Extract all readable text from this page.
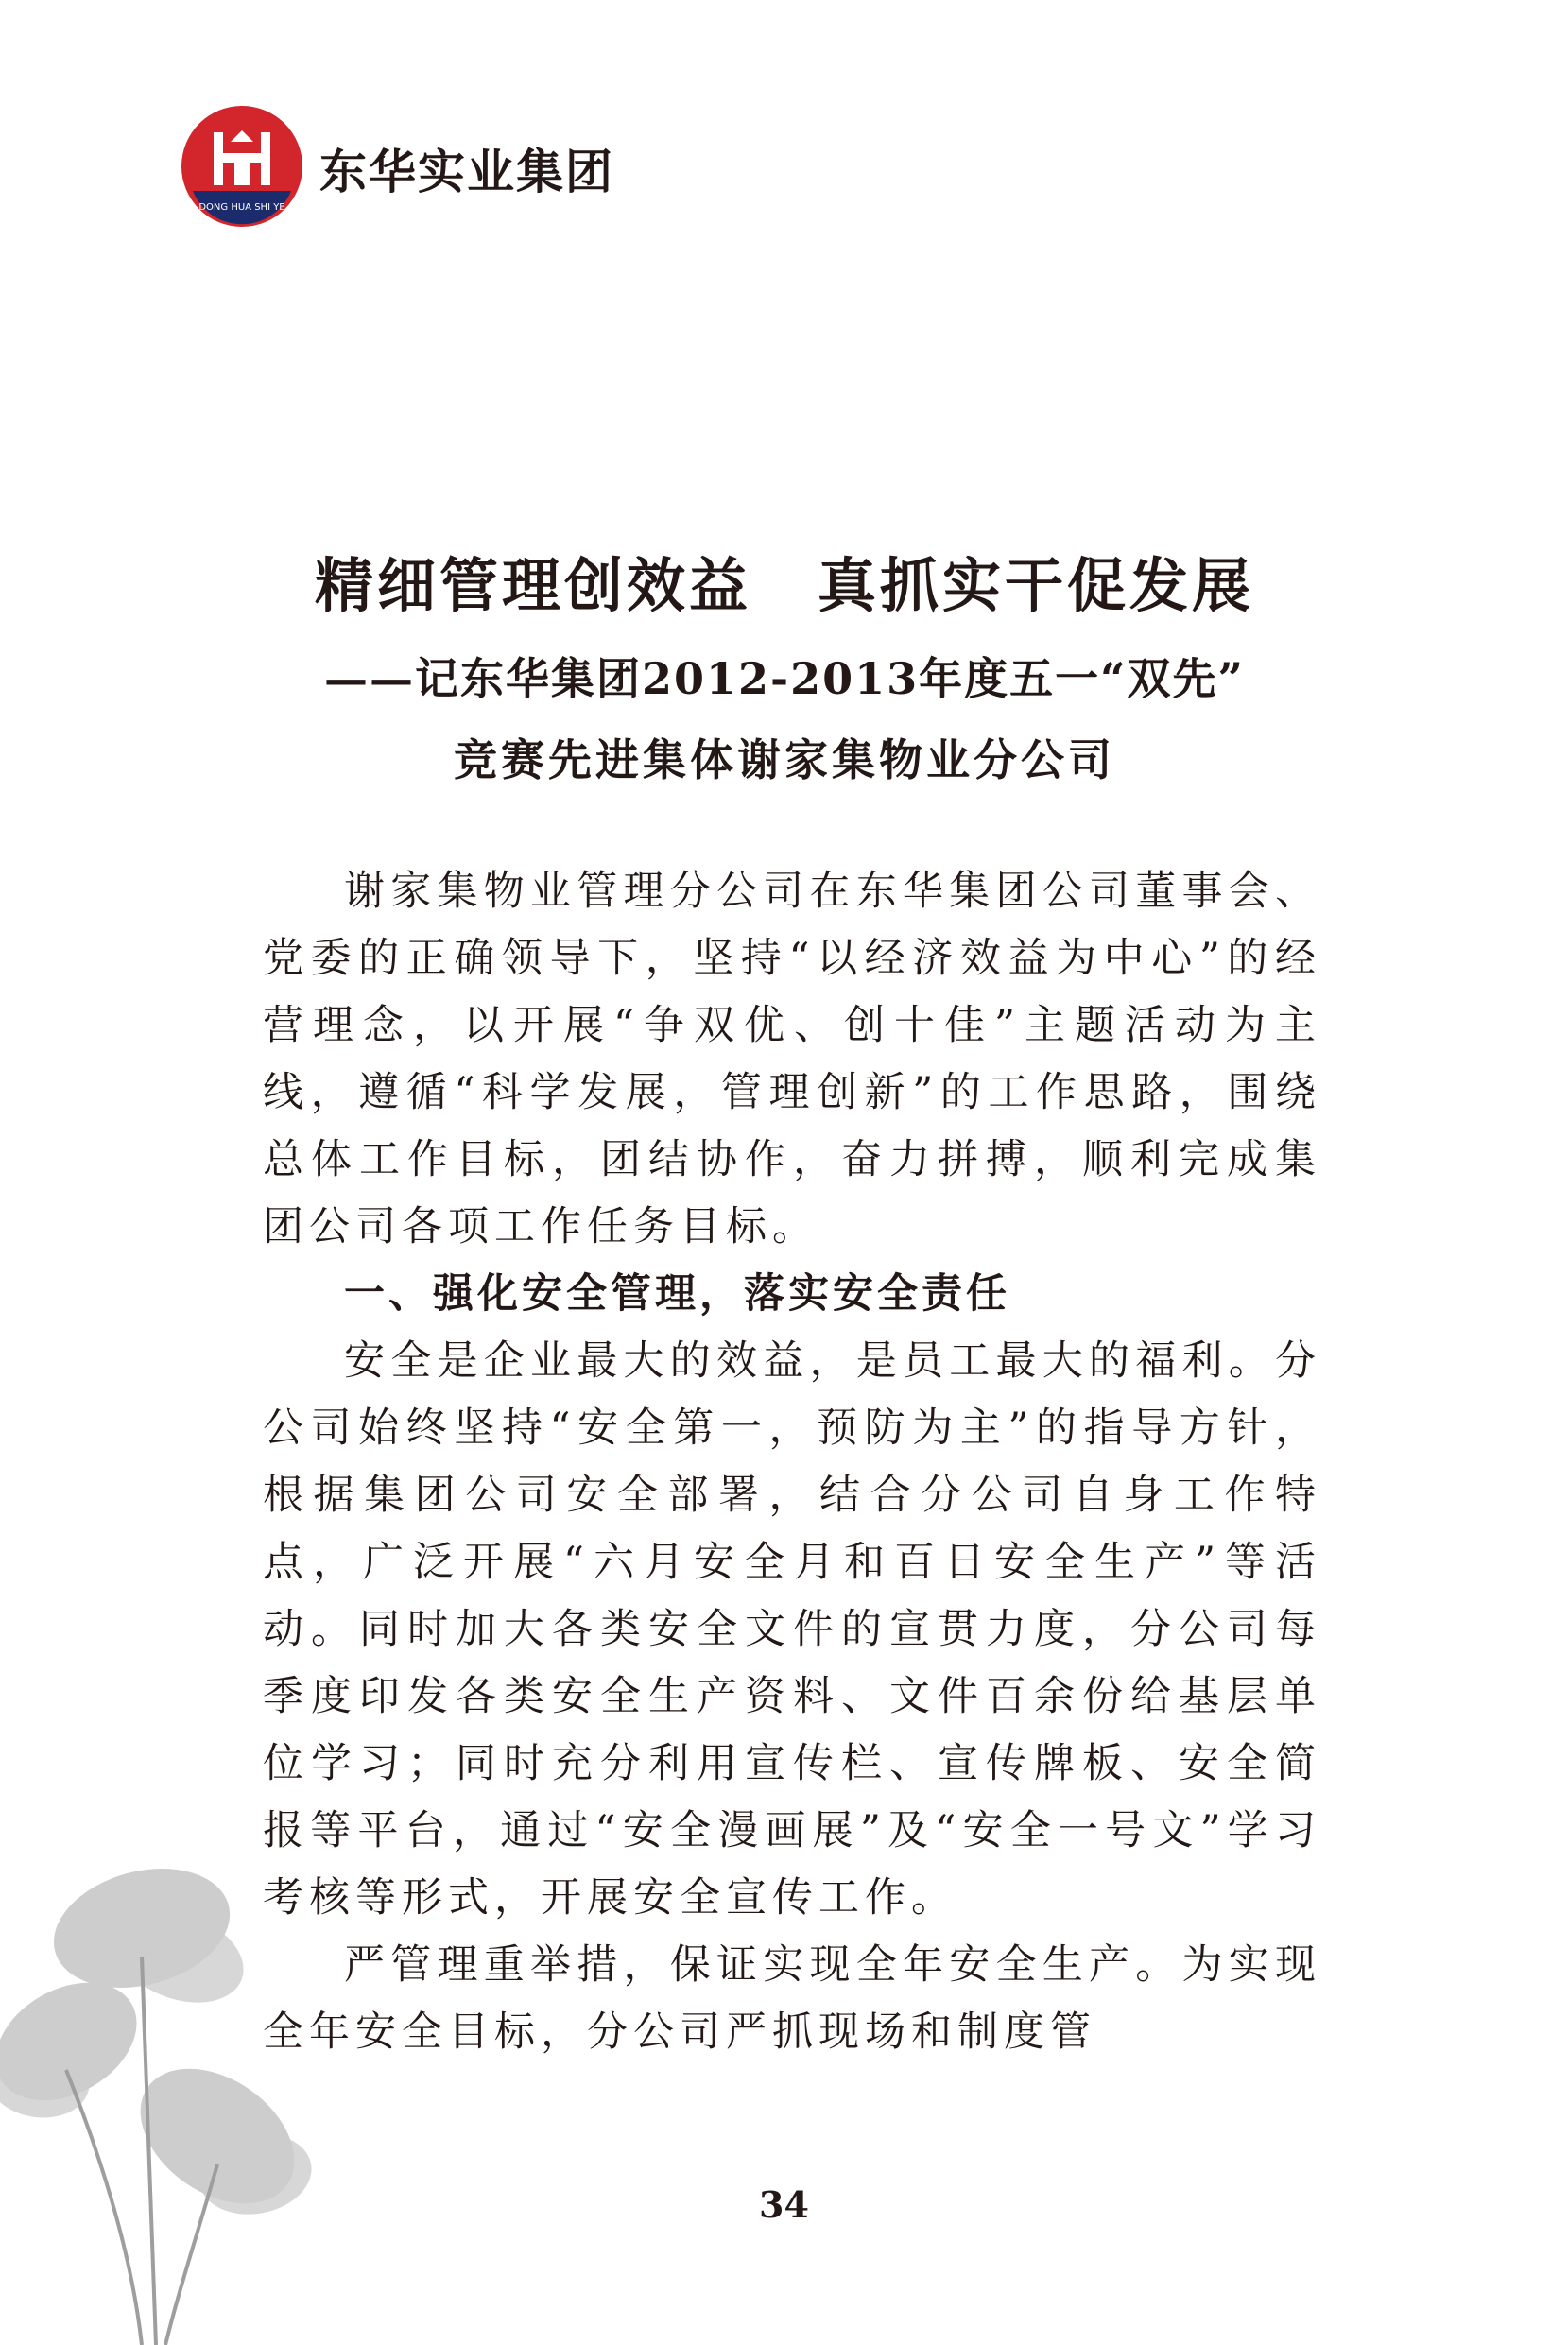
DONG HUA SHI YE
东华实业集团
精细管理创效益 真抓实干促发展
——记东华集团2012-2013年度五一“双先”
竞赛先进集体谢家集物业分公司

谢家集物业管理分公司在东华集团公司董事会、党委的正确领导下，坚持“以经济效益为中心”的经营理念，以开展“争双优、创十佳”主题活动为主线，遵循“科学发展，管理创新”的工作思路，围绕总体工作目标，团结协作，奋力拼搏，顺利完成集团公司各项工作任务目标。

一、强化安全管理，落实安全责任

安全是企业最大的效益，是员工最大的福利。分公司始终坚持“安全第一，预防为主”的指导方针，根据集团公司安全部署，结合分公司自身工作特点，广泛开展“六月安全月和百日安全生产”等活动。同时加大各类安全文件的宣贯力度，分公司每季度印发各类安全生产资料、文件百余份给基层单位学习；同时充分利用宣传栏、宣传牌板、安全简报等平台，通过“安全漫画展”及“安全一号文”学习考核等形式，开展安全宣传工作。

严管理重举措，保证实现全年安全生产。为实现全年安全目标，分公司严抓现场和制度管

34
